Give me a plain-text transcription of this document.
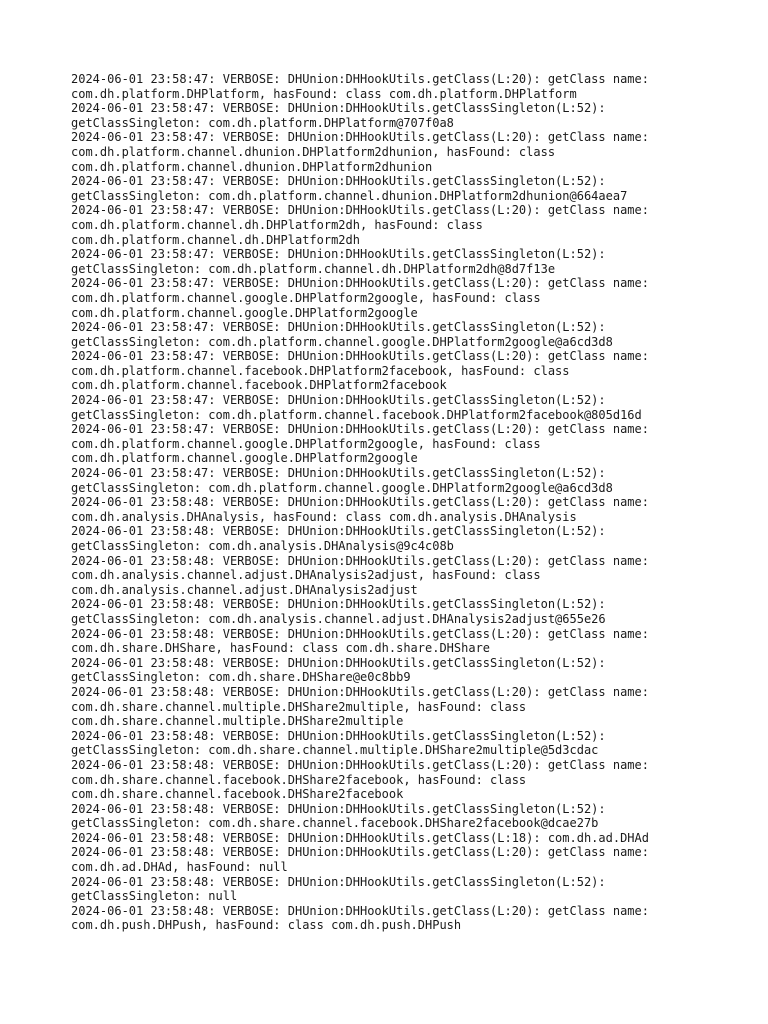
2024-06-01 23:58:47: VERBOSE: DHUnion:DHHookUtils.getClass(L:20): getClass name:
com.dh.platform.DHPlatform, hasFound: class com.dh.platform.DHPlatform
2024-06-01 23:58:47: VERBOSE: DHUnion:DHHookUtils.getClassSingleton(L:52):
getClassSingleton: com.dh.platform.DHPlatform@707f0a8
2024-06-01 23:58:47: VERBOSE: DHUnion:DHHookUtils.getClass(L:20): getClass name:
com.dh.platform.channel.dhunion.DHPlatform2dhunion, hasFound: class
com.dh.platform.channel.dhunion.DHPlatform2dhunion
2024-06-01 23:58:47: VERBOSE: DHUnion:DHHookUtils.getClassSingleton(L:52):
getClassSingleton: com.dh.platform.channel.dhunion.DHPlatform2dhunion@664aea7
2024-06-01 23:58:47: VERBOSE: DHUnion:DHHookUtils.getClass(L:20): getClass name:
com.dh.platform.channel.dh.DHPlatform2dh, hasFound: class
com.dh.platform.channel.dh.DHPlatform2dh
2024-06-01 23:58:47: VERBOSE: DHUnion:DHHookUtils.getClassSingleton(L:52):
getClassSingleton: com.dh.platform.channel.dh.DHPlatform2dh@8d7f13e
2024-06-01 23:58:47: VERBOSE: DHUnion:DHHookUtils.getClass(L:20): getClass name:
com.dh.platform.channel.google.DHPlatform2google, hasFound: class
com.dh.platform.channel.google.DHPlatform2google
2024-06-01 23:58:47: VERBOSE: DHUnion:DHHookUtils.getClassSingleton(L:52):
getClassSingleton: com.dh.platform.channel.google.DHPlatform2google@a6cd3d8
2024-06-01 23:58:47: VERBOSE: DHUnion:DHHookUtils.getClass(L:20): getClass name:
com.dh.platform.channel.facebook.DHPlatform2facebook, hasFound: class
com.dh.platform.channel.facebook.DHPlatform2facebook
2024-06-01 23:58:47: VERBOSE: DHUnion:DHHookUtils.getClassSingleton(L:52):
getClassSingleton: com.dh.platform.channel.facebook.DHPlatform2facebook@805d16d
2024-06-01 23:58:47: VERBOSE: DHUnion:DHHookUtils.getClass(L:20): getClass name:
com.dh.platform.channel.google.DHPlatform2google, hasFound: class
com.dh.platform.channel.google.DHPlatform2google
2024-06-01 23:58:47: VERBOSE: DHUnion:DHHookUtils.getClassSingleton(L:52):
getClassSingleton: com.dh.platform.channel.google.DHPlatform2google@a6cd3d8
2024-06-01 23:58:48: VERBOSE: DHUnion:DHHookUtils.getClass(L:20): getClass name:
com.dh.analysis.DHAnalysis, hasFound: class com.dh.analysis.DHAnalysis
2024-06-01 23:58:48: VERBOSE: DHUnion:DHHookUtils.getClassSingleton(L:52):
getClassSingleton: com.dh.analysis.DHAnalysis@9c4c08b
2024-06-01 23:58:48: VERBOSE: DHUnion:DHHookUtils.getClass(L:20): getClass name:
com.dh.analysis.channel.adjust.DHAnalysis2adjust, hasFound: class
com.dh.analysis.channel.adjust.DHAnalysis2adjust
2024-06-01 23:58:48: VERBOSE: DHUnion:DHHookUtils.getClassSingleton(L:52):
getClassSingleton: com.dh.analysis.channel.adjust.DHAnalysis2adjust@655e26
2024-06-01 23:58:48: VERBOSE: DHUnion:DHHookUtils.getClass(L:20): getClass name:
com.dh.share.DHShare, hasFound: class com.dh.share.DHShare
2024-06-01 23:58:48: VERBOSE: DHUnion:DHHookUtils.getClassSingleton(L:52):
getClassSingleton: com.dh.share.DHShare@e0c8bb9
2024-06-01 23:58:48: VERBOSE: DHUnion:DHHookUtils.getClass(L:20): getClass name:
com.dh.share.channel.multiple.DHShare2multiple, hasFound: class
com.dh.share.channel.multiple.DHShare2multiple
2024-06-01 23:58:48: VERBOSE: DHUnion:DHHookUtils.getClassSingleton(L:52):
getClassSingleton: com.dh.share.channel.multiple.DHShare2multiple@5d3cdac
2024-06-01 23:58:48: VERBOSE: DHUnion:DHHookUtils.getClass(L:20): getClass name:
com.dh.share.channel.facebook.DHShare2facebook, hasFound: class
com.dh.share.channel.facebook.DHShare2facebook
2024-06-01 23:58:48: VERBOSE: DHUnion:DHHookUtils.getClassSingleton(L:52):
getClassSingleton: com.dh.share.channel.facebook.DHShare2facebook@dcae27b
2024-06-01 23:58:48: VERBOSE: DHUnion:DHHookUtils.getClass(L:18): com.dh.ad.DHAd
2024-06-01 23:58:48: VERBOSE: DHUnion:DHHookUtils.getClass(L:20): getClass name:
com.dh.ad.DHAd, hasFound: null
2024-06-01 23:58:48: VERBOSE: DHUnion:DHHookUtils.getClassSingleton(L:52):
getClassSingleton: null
2024-06-01 23:58:48: VERBOSE: DHUnion:DHHookUtils.getClass(L:20): getClass name:
com.dh.push.DHPush, hasFound: class com.dh.push.DHPush
